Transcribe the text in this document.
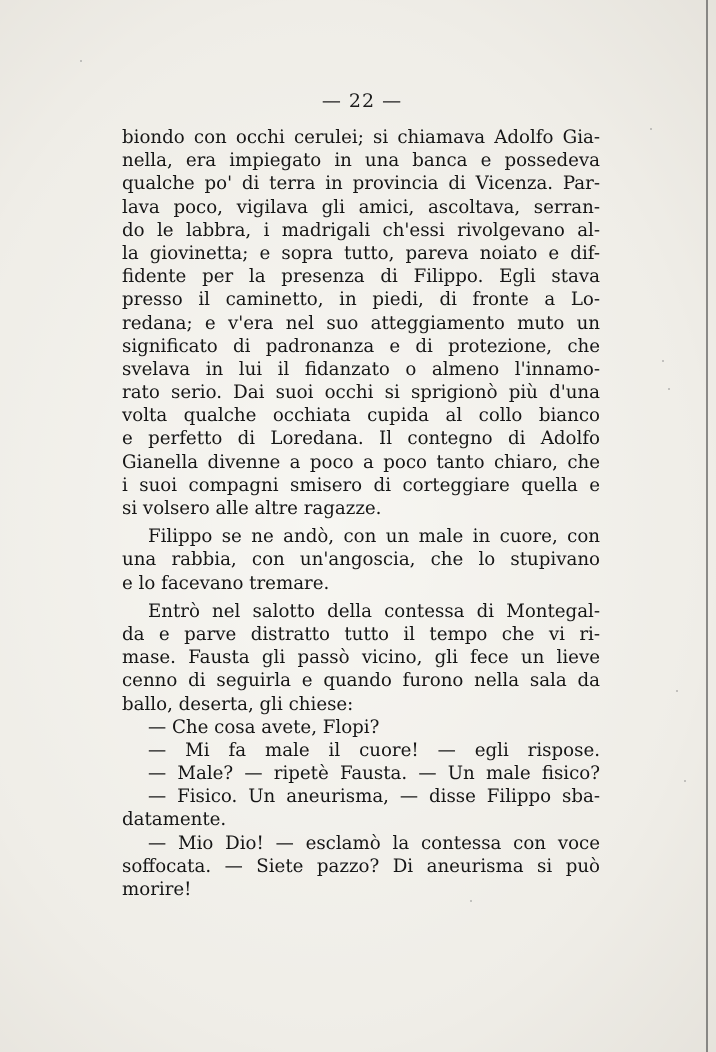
— 22 —
biondo con occhi cerulei; si chiamava Adolfo Gia-
nella, era impiegato in una banca e possedeva
qualche po' di terra in provincia di Vicenza. Par-
lava poco, vigilava gli amici, ascoltava, serran-
do le labbra, i madrigali ch'essi rivolgevano al-
la giovinetta; e sopra tutto, pareva noiato e dif-
fidente per la presenza di Filippo. Egli stava
presso il caminetto, in piedi, di fronte a Lo-
redana; e v'era nel suo atteggiamento muto un
significato di padronanza e di protezione, che
svelava in lui il fidanzato o almeno l'innamo-
rato serio. Dai suoi occhi si sprigionò più d'una
volta qualche occhiata cupida al collo bianco
e perfetto di Loredana. Il contegno di Adolfo
Gianella divenne a poco a poco tanto chiaro, che
i suoi compagni smisero di corteggiare quella e
si volsero alle altre ragazze.
Filippo se ne andò, con un male in cuore, con
una rabbia, con un'angoscia, che lo stupivano
e lo facevano tremare.
Entrò nel salotto della contessa di Montegal-
da e parve distratto tutto il tempo che vi ri-
mase. Fausta gli passò vicino, gli fece un lieve
cenno di seguirla e quando furono nella sala da
ballo, deserta, gli chiese:
— Che cosa avete, Flopi?
— Mi fa male il cuore! — egli rispose.
— Male? — ripetè Fausta. — Un male fisico?
— Fisico. Un aneurisma, — disse Filippo sba-
datamente.
— Mio Dio! — esclamò la contessa con voce
soffocata. — Siete pazzo? Di aneurisma si può
morire!
